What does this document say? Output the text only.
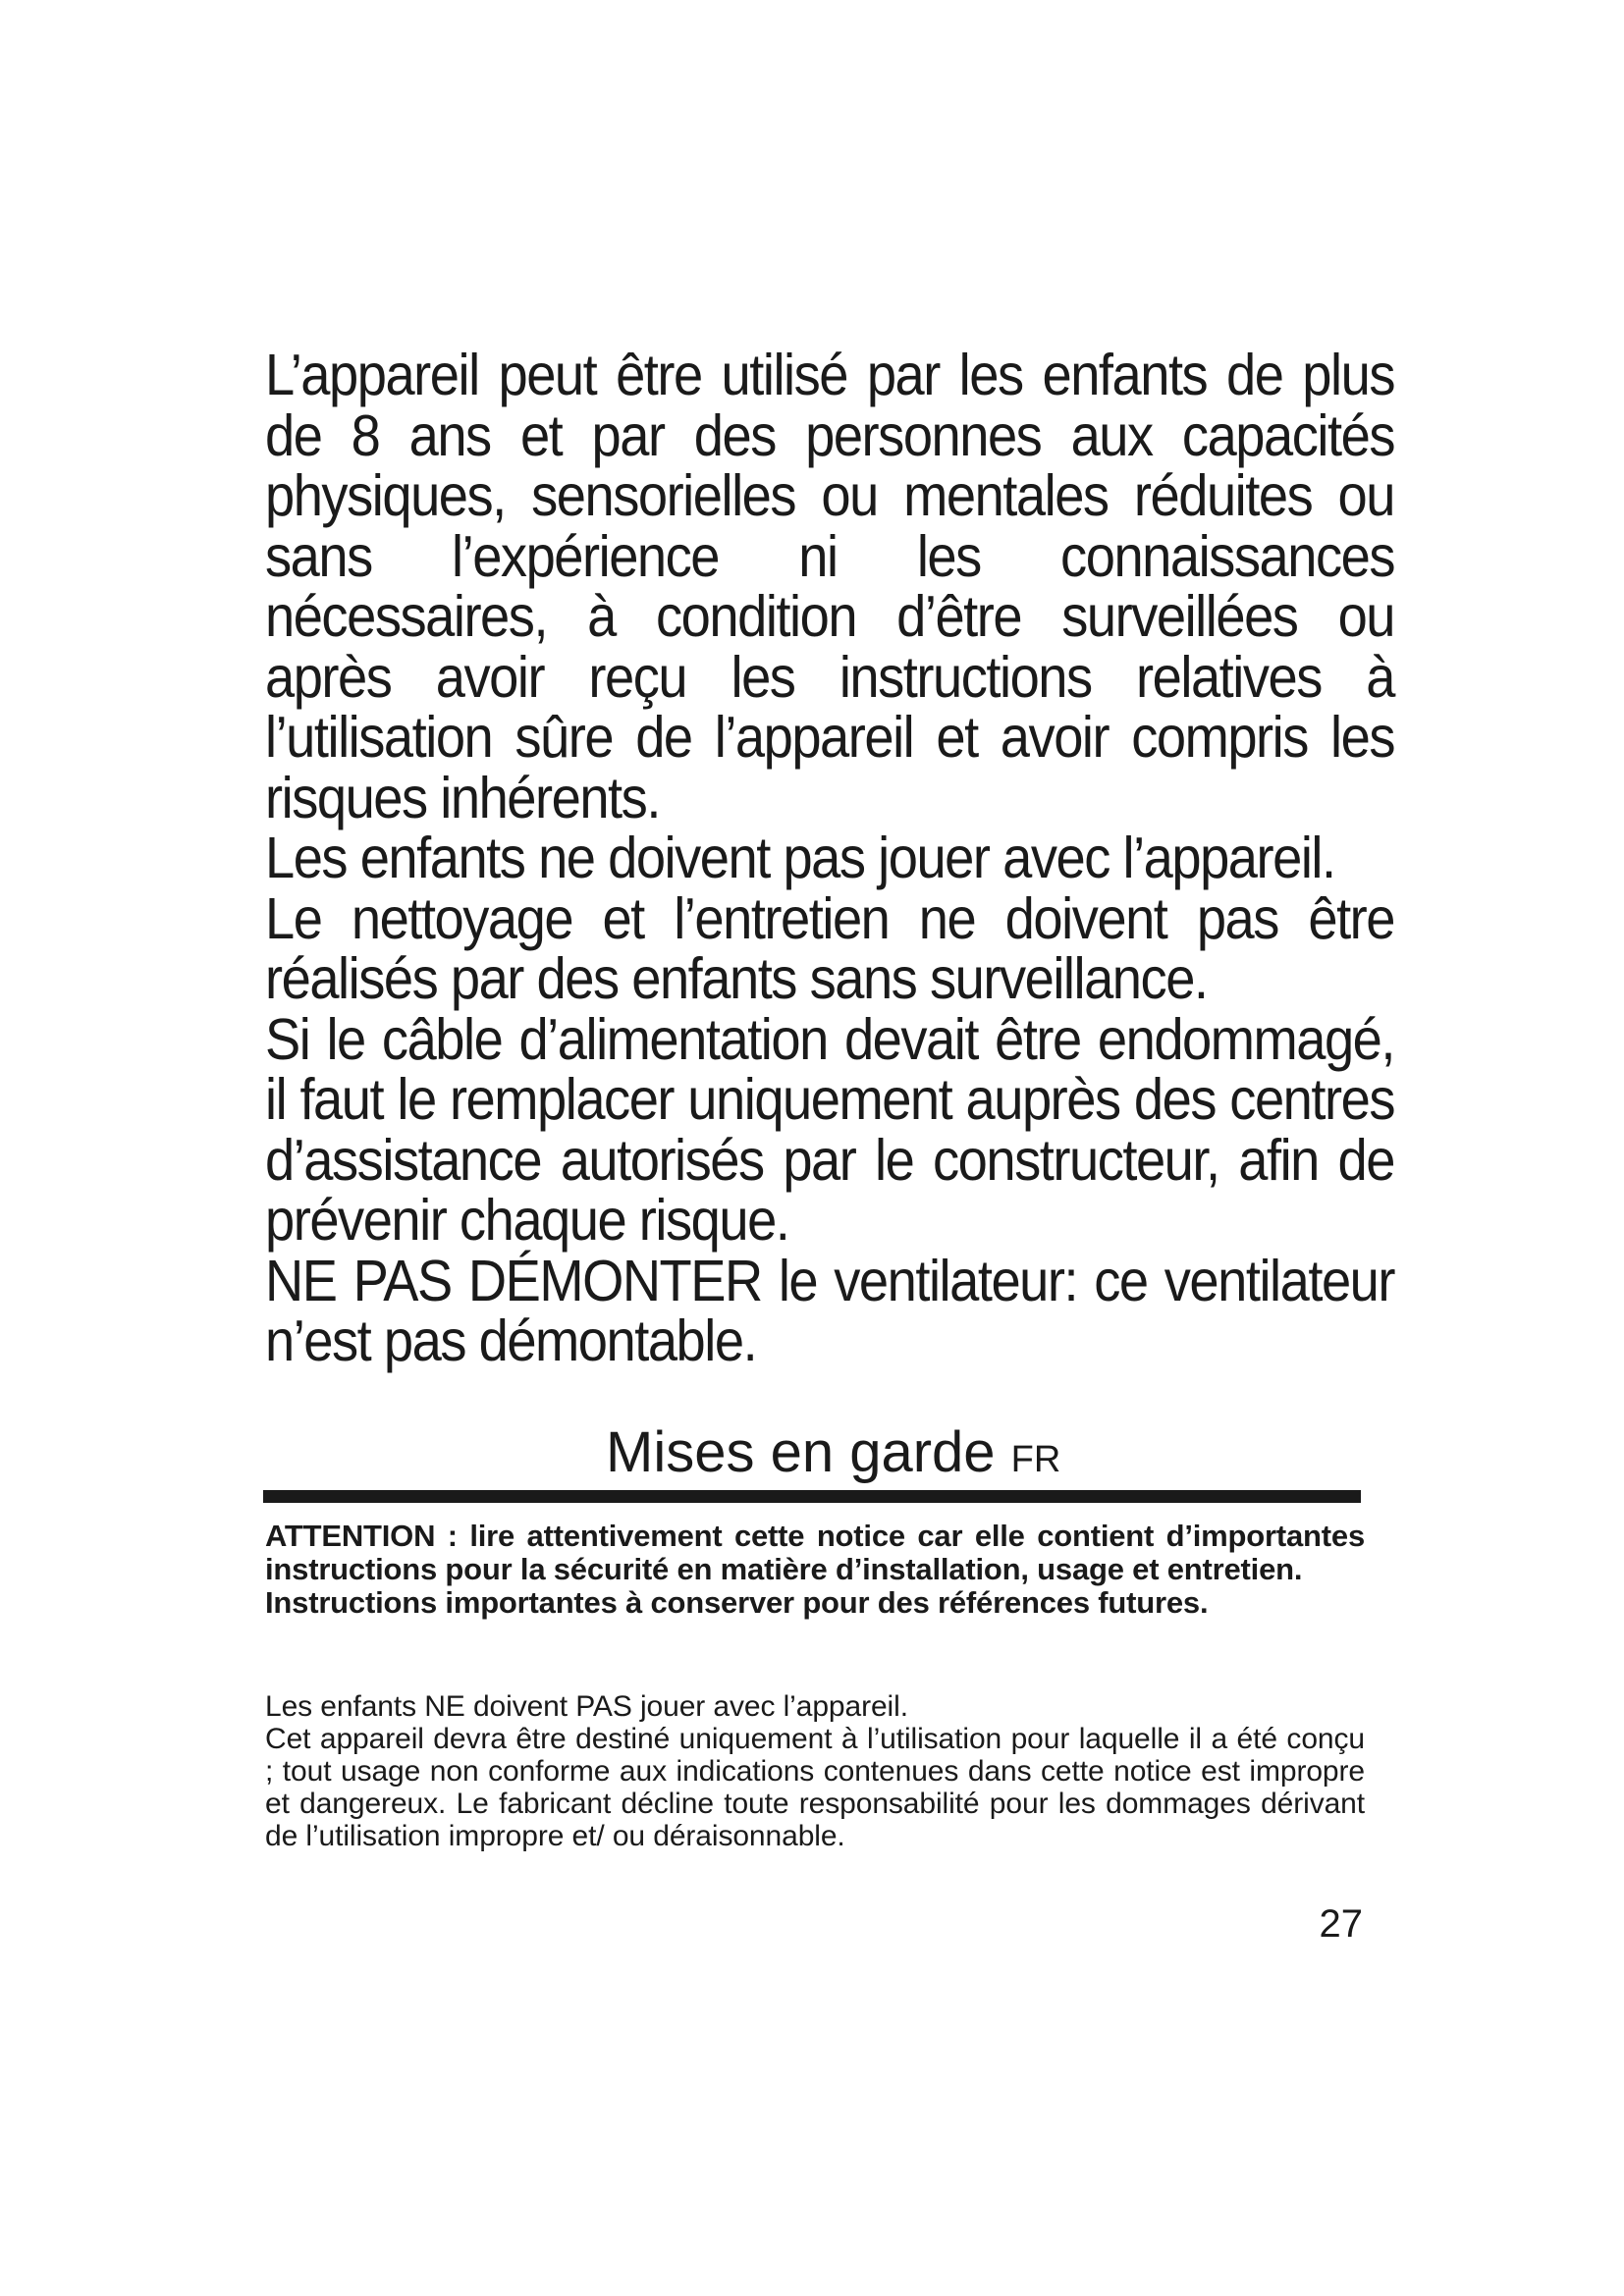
L’appareil peut être utilisé par les enfants de plus de 8 ans et par des personnes aux capacités physiques, sensorielles ou mentales réduites ou sans l’expérience ni les connaissances nécessaires, à condition d’être surveillées ou après avoir reçu les instructions relatives à l’utilisation sûre de l’appareil et avoir compris les risques inhérents.

Les enfants ne doivent pas jouer avec l’appareil.

Le nettoyage et l’entretien ne doivent pas être réalisés par des enfants sans surveillance.

Si le câble d’alimentation devait être endommagé, il faut le remplacer uniquement auprès des centres d’assistance autorisés par le constructeur, afin de prévenir chaque risque.

NE PAS DÉMONTER le ventilateur: ce ventilateur n’est pas démontable.

Mises en garde FR

ATTENTION : lire attentivement cette notice car elle contient d’importantes instructions pour la sécurité en matière d’installation, usage et entretien.

Instructions importantes à conserver pour des références futures.

Les enfants NE doivent PAS jouer avec l’appareil.

Cet appareil devra être destiné uniquement à l’utilisation pour laquelle il a été conçu ; tout usage non conforme aux indications contenues dans cette notice est impropre et dangereux. Le fabricant décline toute responsabilité pour les dommages dérivant de l’utilisation impropre et/ ou déraisonnable.

27
